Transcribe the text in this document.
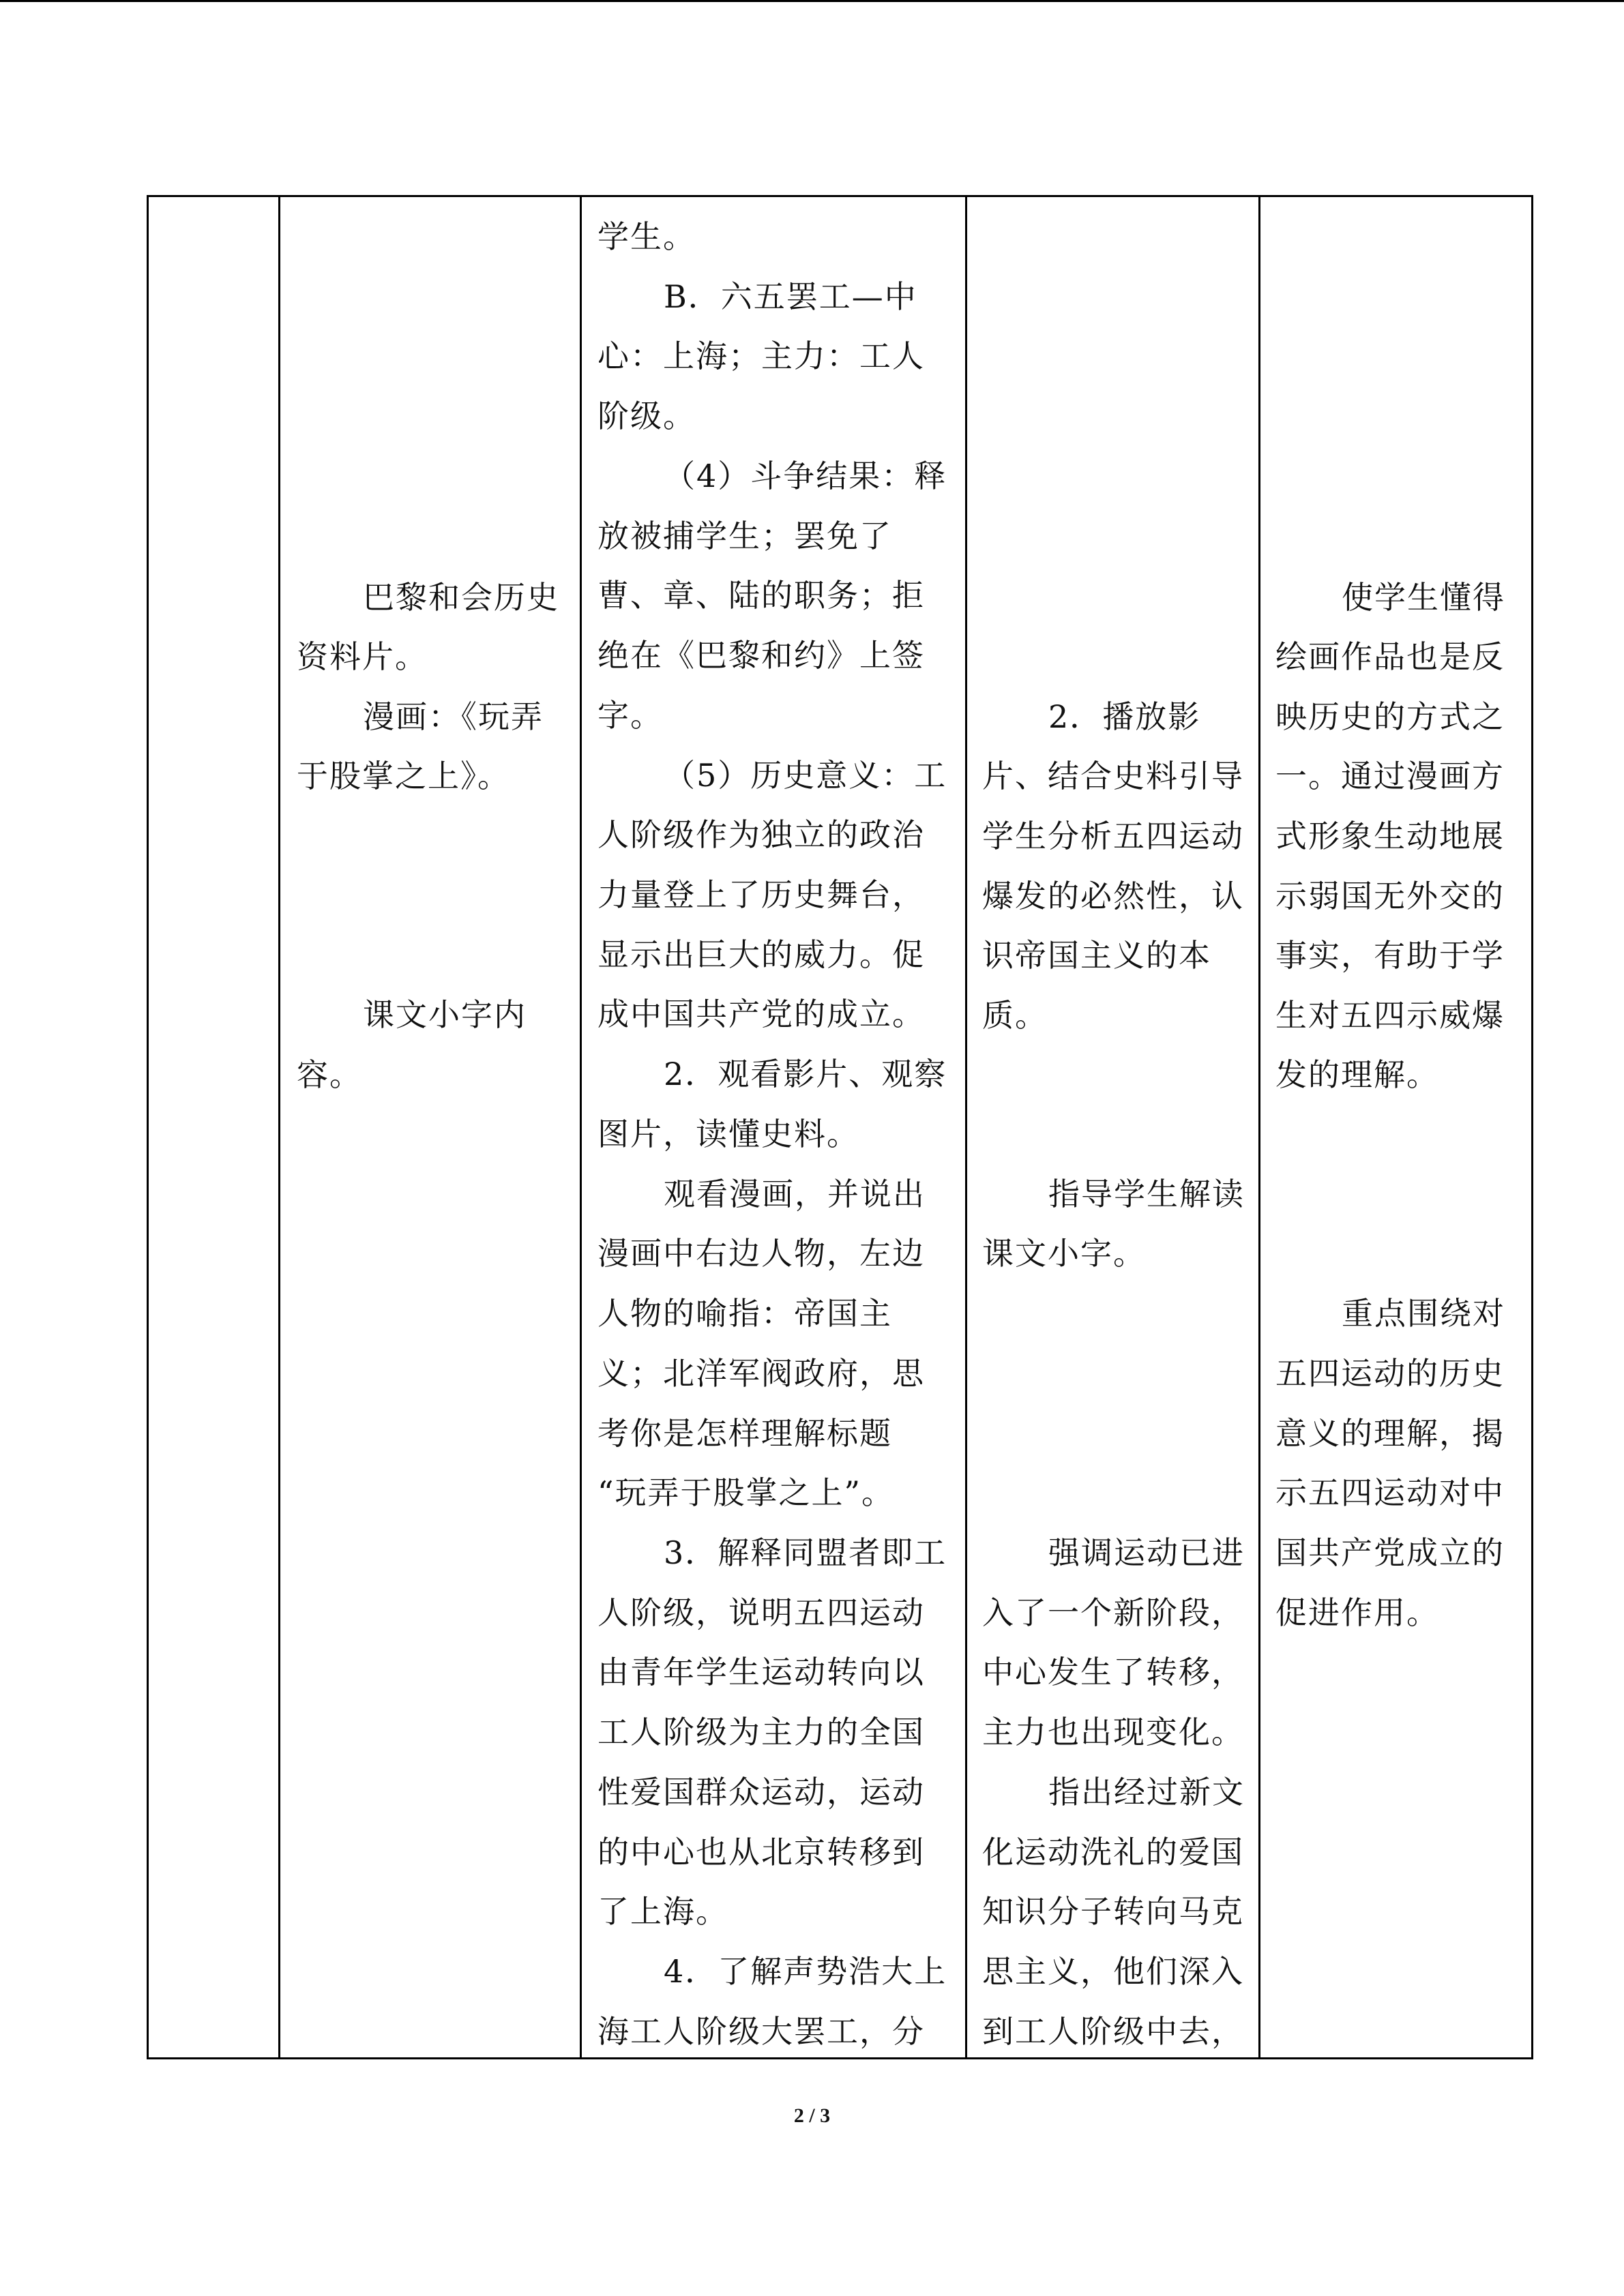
巴黎和会历史
资料片。
漫画：《玩弄
于股掌之上》。
课文小字内
容。
学生。
B．六五罢工—中
心：上海；主力：工人
阶级。
（4）斗争结果：释
放被捕学生；罢免了
曹、章、陆的职务；拒
绝在《巴黎和约》上签
字。
（5）历史意义：工
人阶级作为独立的政治
力量登上了历史舞台，
显示出巨大的威力。促
成中国共产党的成立。
2．观看影片、观察
图片，读懂史料。
观看漫画，并说出
漫画中右边人物，左边
人物的喻指：帝国主
义；北洋军阀政府，思
考你是怎样理解标题
“玩弄于股掌之上”。
3．解释同盟者即工
人阶级，说明五四运动
由青年学生运动转向以
工人阶级为主力的全国
性爱国群众运动，运动
的中心也从北京转移到
了上海。
4．了解声势浩大上
海工人阶级大罢工，分
2．播放影
片、结合史料引导
学生分析五四运动
爆发的必然性，认
识帝国主义的本
质。
指导学生解读
课文小字。
强调运动已进
入了一个新阶段，
中心发生了转移，
主力也出现变化。
指出经过新文
化运动洗礼的爱国
知识分子转向马克
思主义，他们深入
到工人阶级中去，
使学生懂得
绘画作品也是反
映历史的方式之
一。通过漫画方
式形象生动地展
示弱国无外交的
事实，有助于学
生对五四示威爆
发的理解。
重点围绕对
五四运动的历史
意义的理解，揭
示五四运动对中
国共产党成立的
促进作用。
2 / 3
